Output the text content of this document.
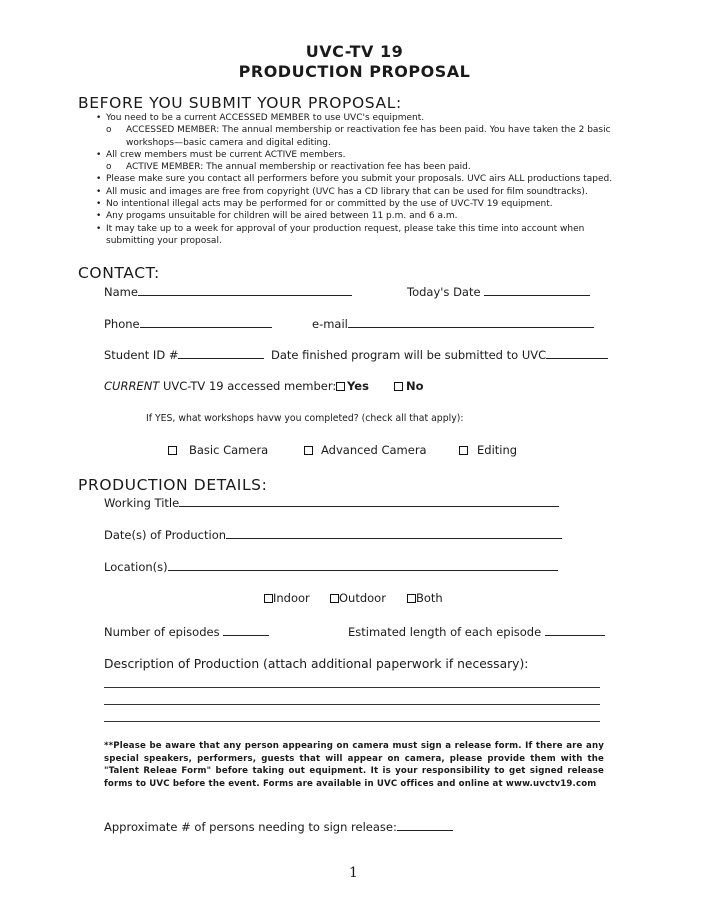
UVC-TV 19
PRODUCTION PROPOSAL
BEFORE YOU SUBMIT YOUR PROPOSAL:
• You need to be a current ACCESSED MEMBER to use UVC's equipment.
o ACCESSED MEMBER: The annual membership or reactivation fee has been paid. You have taken the 2 basic
workshops—basic camera and digital editing.
• All crew members must be current ACTIVE members.
o ACTIVE MEMBER: The annual membership or reactivation fee has been paid.
• Please make sure you contact all performers before you submit your proposals. UVC airs ALL productions taped.
• All music and images are free from copyright (UVC has a CD library that can be used for film soundtracks).
• No intentional illegal acts may be performed for or committed by the use of UVC-TV 19 equipment.
• Any progams unsuitable for children will be aired between 11 p.m. and 6 a.m.
• It may take up to a week for approval of your production request, please take this time into account when
submitting your proposal.
CONTACT:
Name	Today's Date
Phone	e-mail
Student ID #	Date finished program will be submitted to UVC
CURRENT UVC-TV 19 accessed member: Yes	No
If YES, what workshops havw you completed? (check all that apply):
Basic Camera	Advanced Camera	Editing
PRODUCTION DETAILS:
Working Title
Date(s) of Production
Location(s)
Indoor	Outdoor	Both
Number of episodes	Estimated length of each episode
Description of Production (attach additional paperwork if necessary):
**Please be aware that any person appearing on camera must sign a release form. If there are any special speakers, performers, guests that will appear on camera, please provide them with the "Talent Releae Form" before taking out equipment. It is your responsibility to get signed release forms to UVC before the event. Forms are available in UVC offices and online at www.uvctv19.com
Approximate # of persons needing to sign release:
1
